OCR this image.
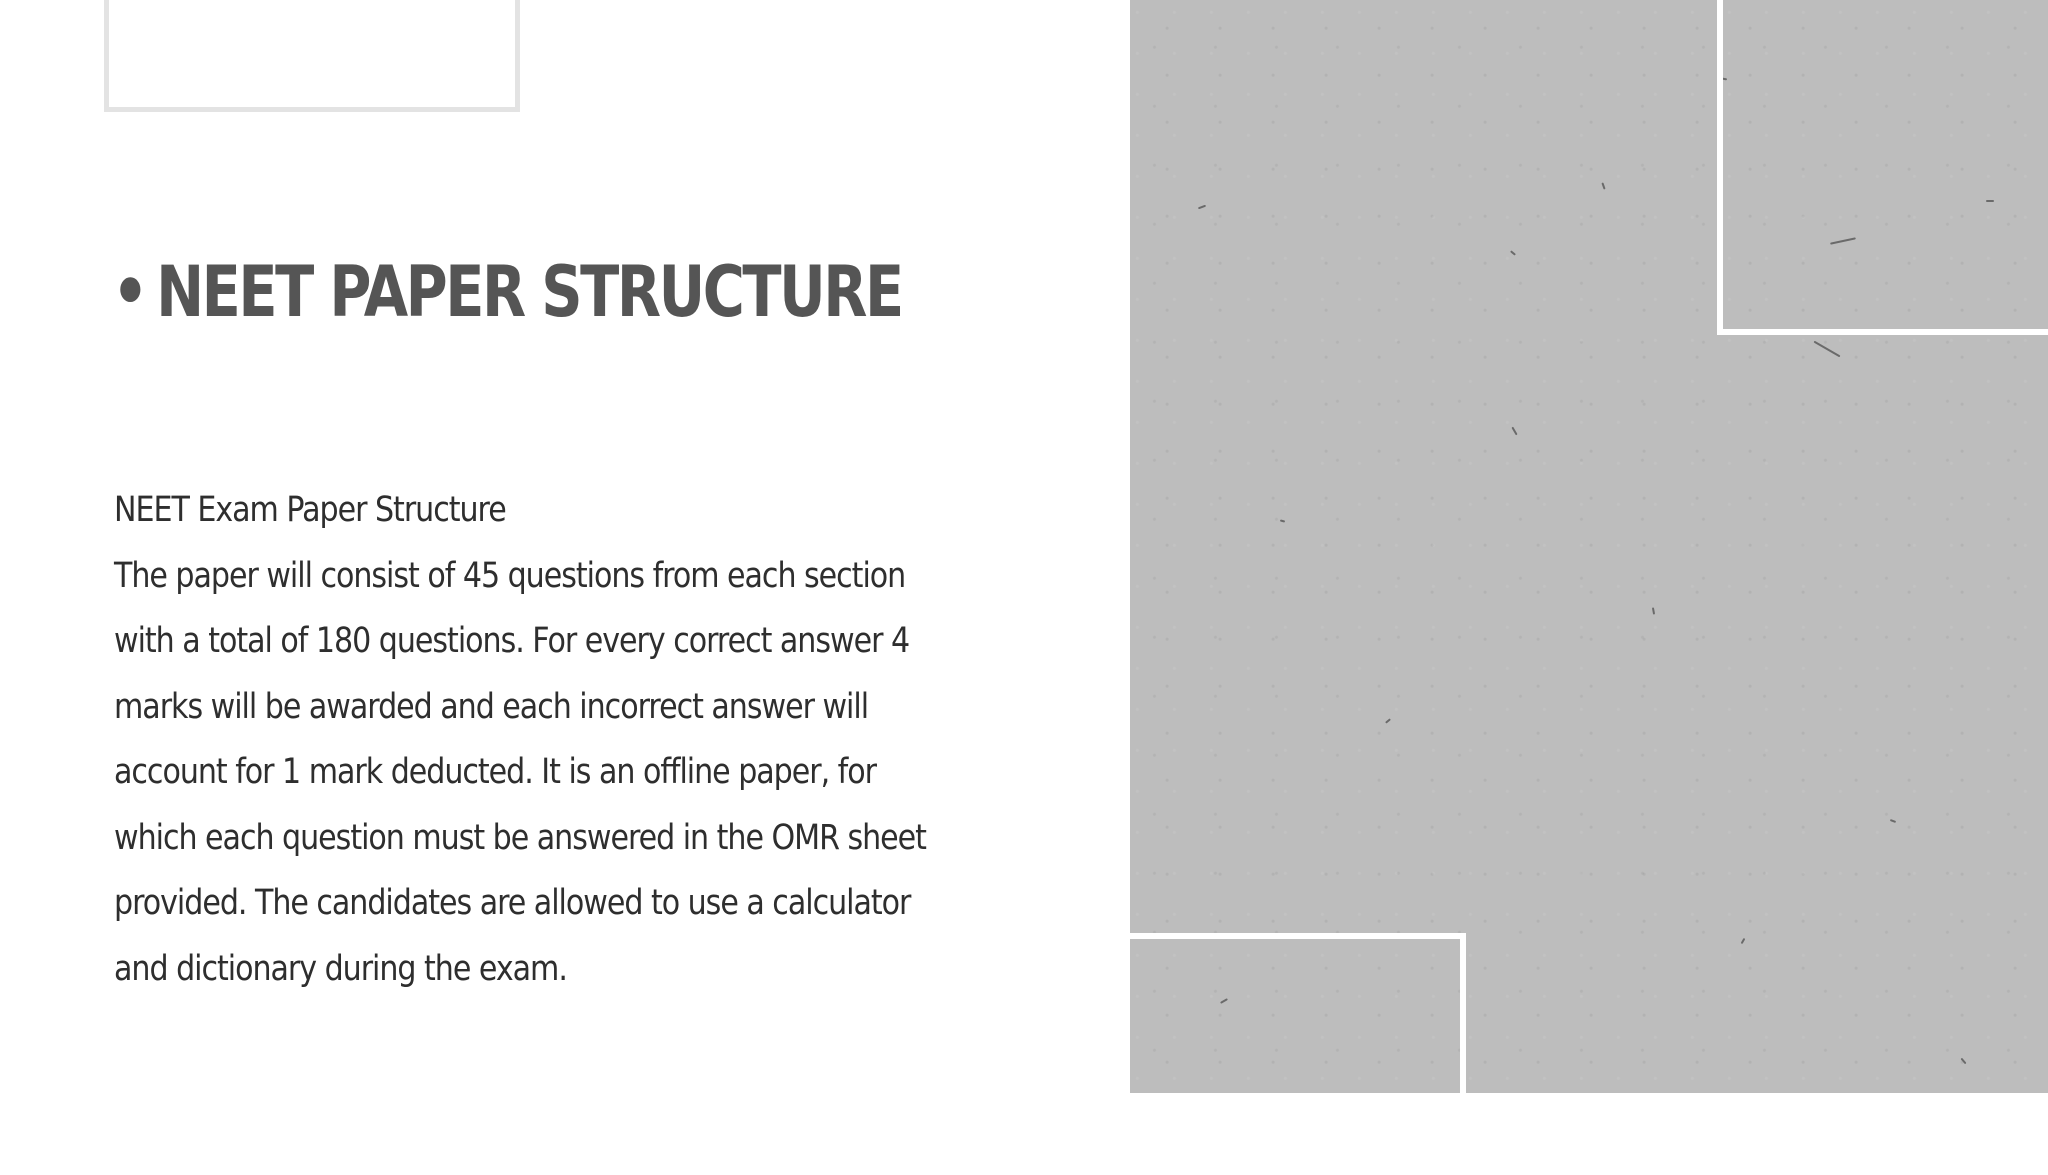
• NEET PAPER STRUCTURE
NEET Exam Paper Structure
The paper will consist of 45 questions from each section
with a total of 180 questions. For every correct answer 4
marks will be awarded and each incorrect answer will
account for 1 mark deducted. It is an offline paper, for
which each question must be answered in the OMR sheet
provided. The candidates are allowed to use a calculator
and dictionary during the exam.
